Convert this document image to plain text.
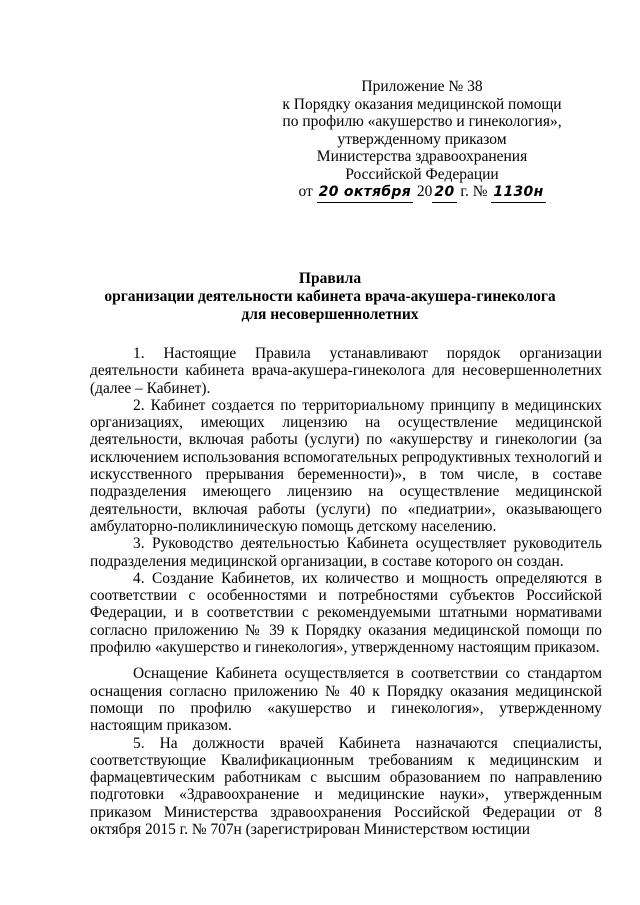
Приложение № 38
к Порядку оказания медицинской помощи
по профилю «акушерство и гинекология»,
утвержденному приказом
Министерства здравоохранения
Российской Федерации
от 20 октября 20 20 г. № 1130н
Правила
организации деятельности кабинета врача-акушера-гинеколога
для несовершеннолетних

1. Настоящие Правила устанавливают порядок организации деятельности кабинета врача-акушера-гинеколога для несовершеннолетних (далее – Кабинет).

2. Кабинет создается по территориальному принципу в медицинских организациях, имеющих лицензию на осуществление медицинской деятельности, включая работы (услуги) по «акушерству и гинекологии (за исключением использования вспомогательных репродуктивных технологий и искусственного прерывания беременности)», в том числе, в составе подразделения имеющего лицензию на осуществление медицинской деятельности, включая работы (услуги) по «педиатрии», оказывающего амбулаторно-поликлиническую помощь детскому населению.

3. Руководство деятельностью Кабинета осуществляет руководитель подразделения медицинской организации, в составе которого он создан.

4. Создание Кабинетов, их количество и мощность определяются в соответствии с особенностями и потребностями субъектов Российской Федерации, и в соответствии с рекомендуемыми штатными нормативами согласно приложению № 39 к Порядку оказания медицинской помощи по профилю «акушерство и гинекология», утвержденному настоящим приказом.

Оснащение Кабинета осуществляется в соответствии со стандартом оснащения согласно приложению № 40 к Порядку оказания медицинской помощи по профилю «акушерство и гинекология», утвержденному настоящим приказом.

5. На должности врачей Кабинета назначаются специалисты, соответствующие Квалификационным требованиям к медицинским и фармацевтическим работникам с высшим образованием по направлению подготовки «Здравоохранение и медицинские науки», утвержденным приказом Министерства здравоохранения Российской Федерации от 8 октября 2015 г. № 707н (зарегистрирован Министерством юстиции
